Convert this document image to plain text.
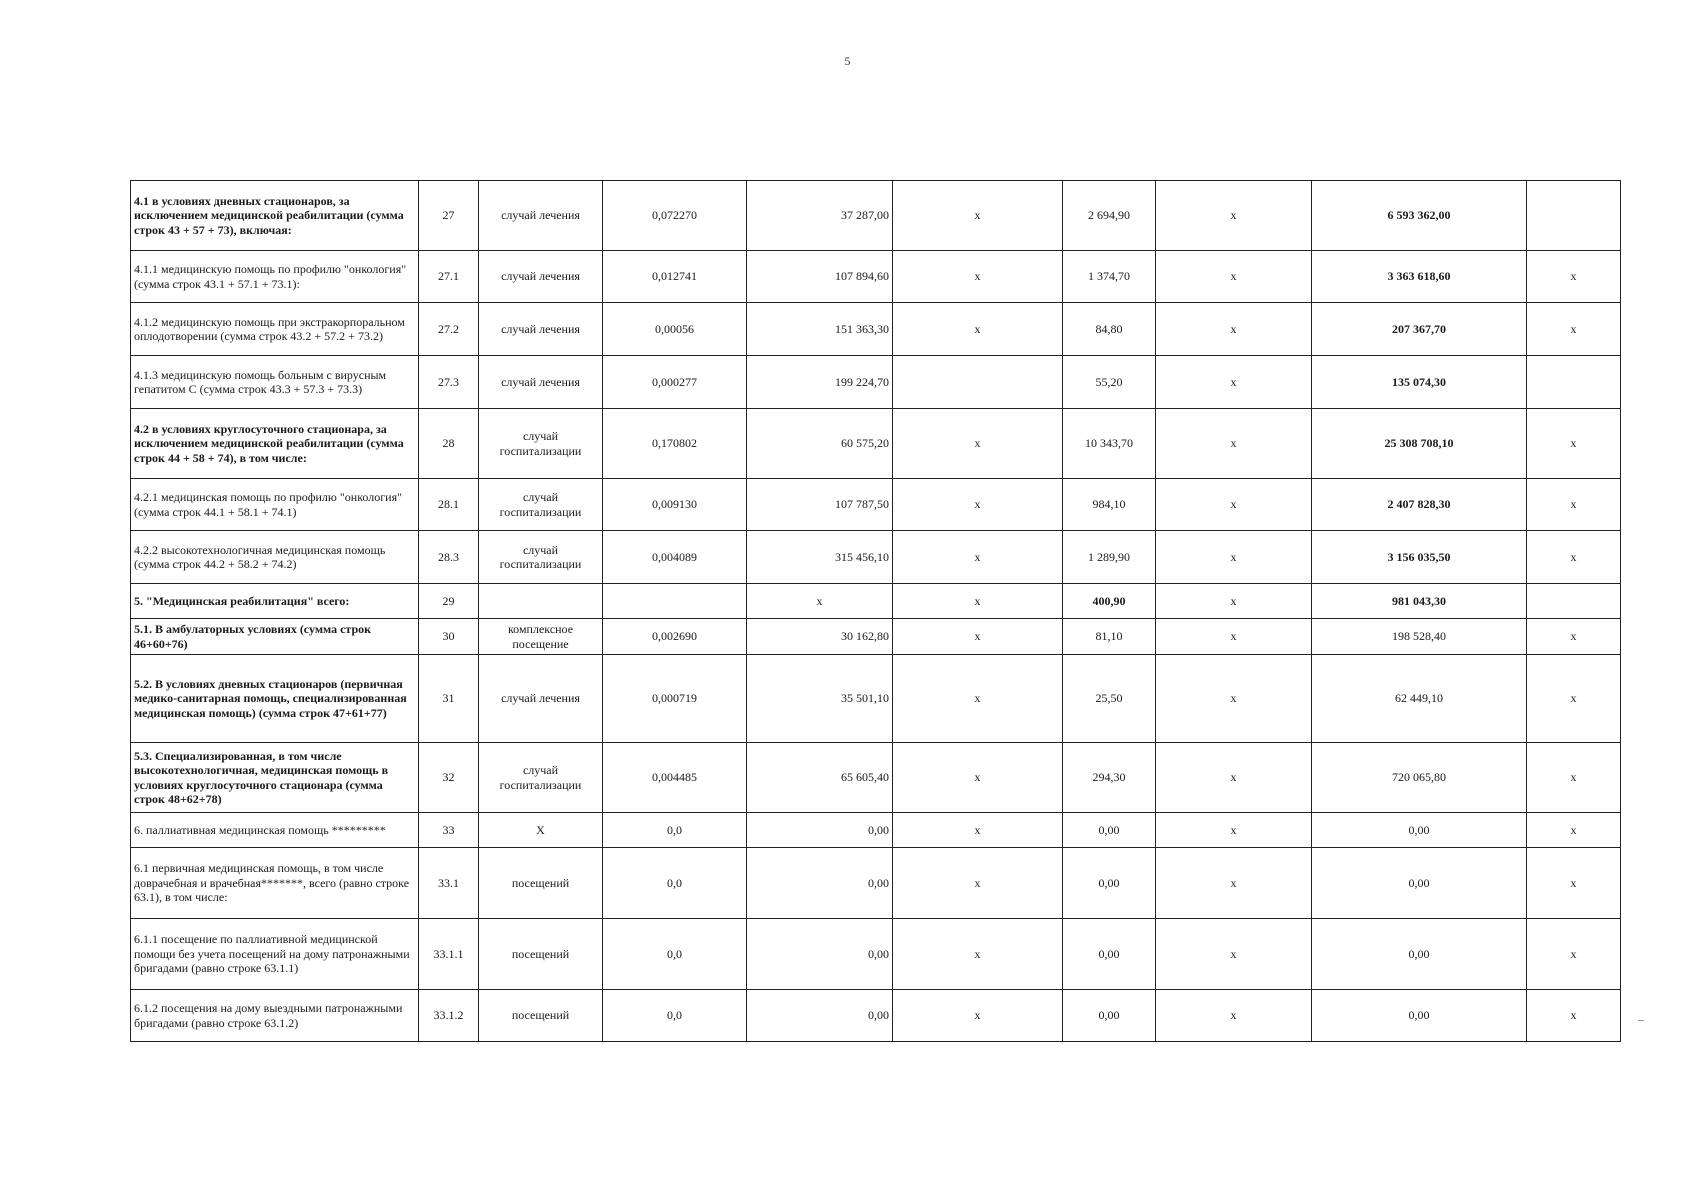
5
4.1 в условиях дневных стационаров, за исключением медицинской реабилитации (сумма строк 43 + 57 + 73), включая:	27	случай лечения	0,072270	37 287,00	х	2 694,90	х	6 593 362,00	
4.1.1 медицинскую помощь по профилю "онкология" (сумма строк 43.1 + 57.1 + 73.1):	27.1	случай лечения	0,012741	107 894,60	х	1 374,70	х	3 363 618,60	х
4.1.2 медицинскую помощь при экстракорпоральном оплодотворении (сумма строк 43.2 + 57.2 + 73.2)	27.2	случай лечения	0,00056	151 363,30	х	84,80	х	207 367,70	х
4.1.3 медицинскую помощь больным с вирусным гепатитом С (сумма строк 43.3 + 57.3 + 73.3)	27.3	случай лечения	0,000277	199 224,70		55,20	х	135 074,30	
4.2 в условиях круглосуточного стационара, за исключением медицинской реабилитации (сумма строк 44 + 58 + 74), в том числе:	28	случай госпитализации	0,170802	60 575,20	х	10 343,70	х	25 308 708,10	х
4.2.1 медицинская помощь по профилю "онкология" (сумма строк 44.1 + 58.1 + 74.1)	28.1	случай госпитализации	0,009130	107 787,50	х	984,10	х	2 407 828,30	х
4.2.2 высокотехнологичная медицинская помощь (сумма строк 44.2 + 58.2 + 74.2)	28.3	случай госпитализации	0,004089	315 456,10	х	1 289,90	х	3 156 035,50	х
5. "Медицинская реабилитация" всего:	29			х	х	400,90	х	981 043,30	
5.1. В амбулаторных условиях (сумма строк 46+60+76)	30	комплексное посещение	0,002690	30 162,80	х	81,10	х	198 528,40	х
5.2. В условиях дневных стационаров (первичная медико-санитарная помощь, специализированная медицинская помощь) (сумма строк 47+61+77)	31	случай лечения	0,000719	35 501,10	х	25,50	х	62 449,10	х
5.3. Специализированная, в том числе высокотехнологичная, медицинская помощь в условиях круглосуточного стационара (сумма строк 48+62+78)	32	случай госпитализации	0,004485	65 605,40	х	294,30	х	720 065,80	х
6. паллиативная медицинская помощь *********	33	Х	0,0	0,00	х	0,00	х	0,00	х
6.1 первичная медицинская помощь, в том числе доврачебная и врачебная*******, всего (равно строке 63.1), в том числе:	33.1	посещений	0,0	0,00	х	0,00	х	0,00	х
6.1.1 посещение по паллиативной медицинской помощи без учета посещений на дому патронажными бригадами (равно строке 63.1.1)	33.1.1	посещений	0,0	0,00	х	0,00	х	0,00	х
6.1.2 посещения на дому выездными патронажными бригадами (равно строке 63.1.2)	33.1.2	посещений	0,0	0,00	х	0,00	х	0,00	х
